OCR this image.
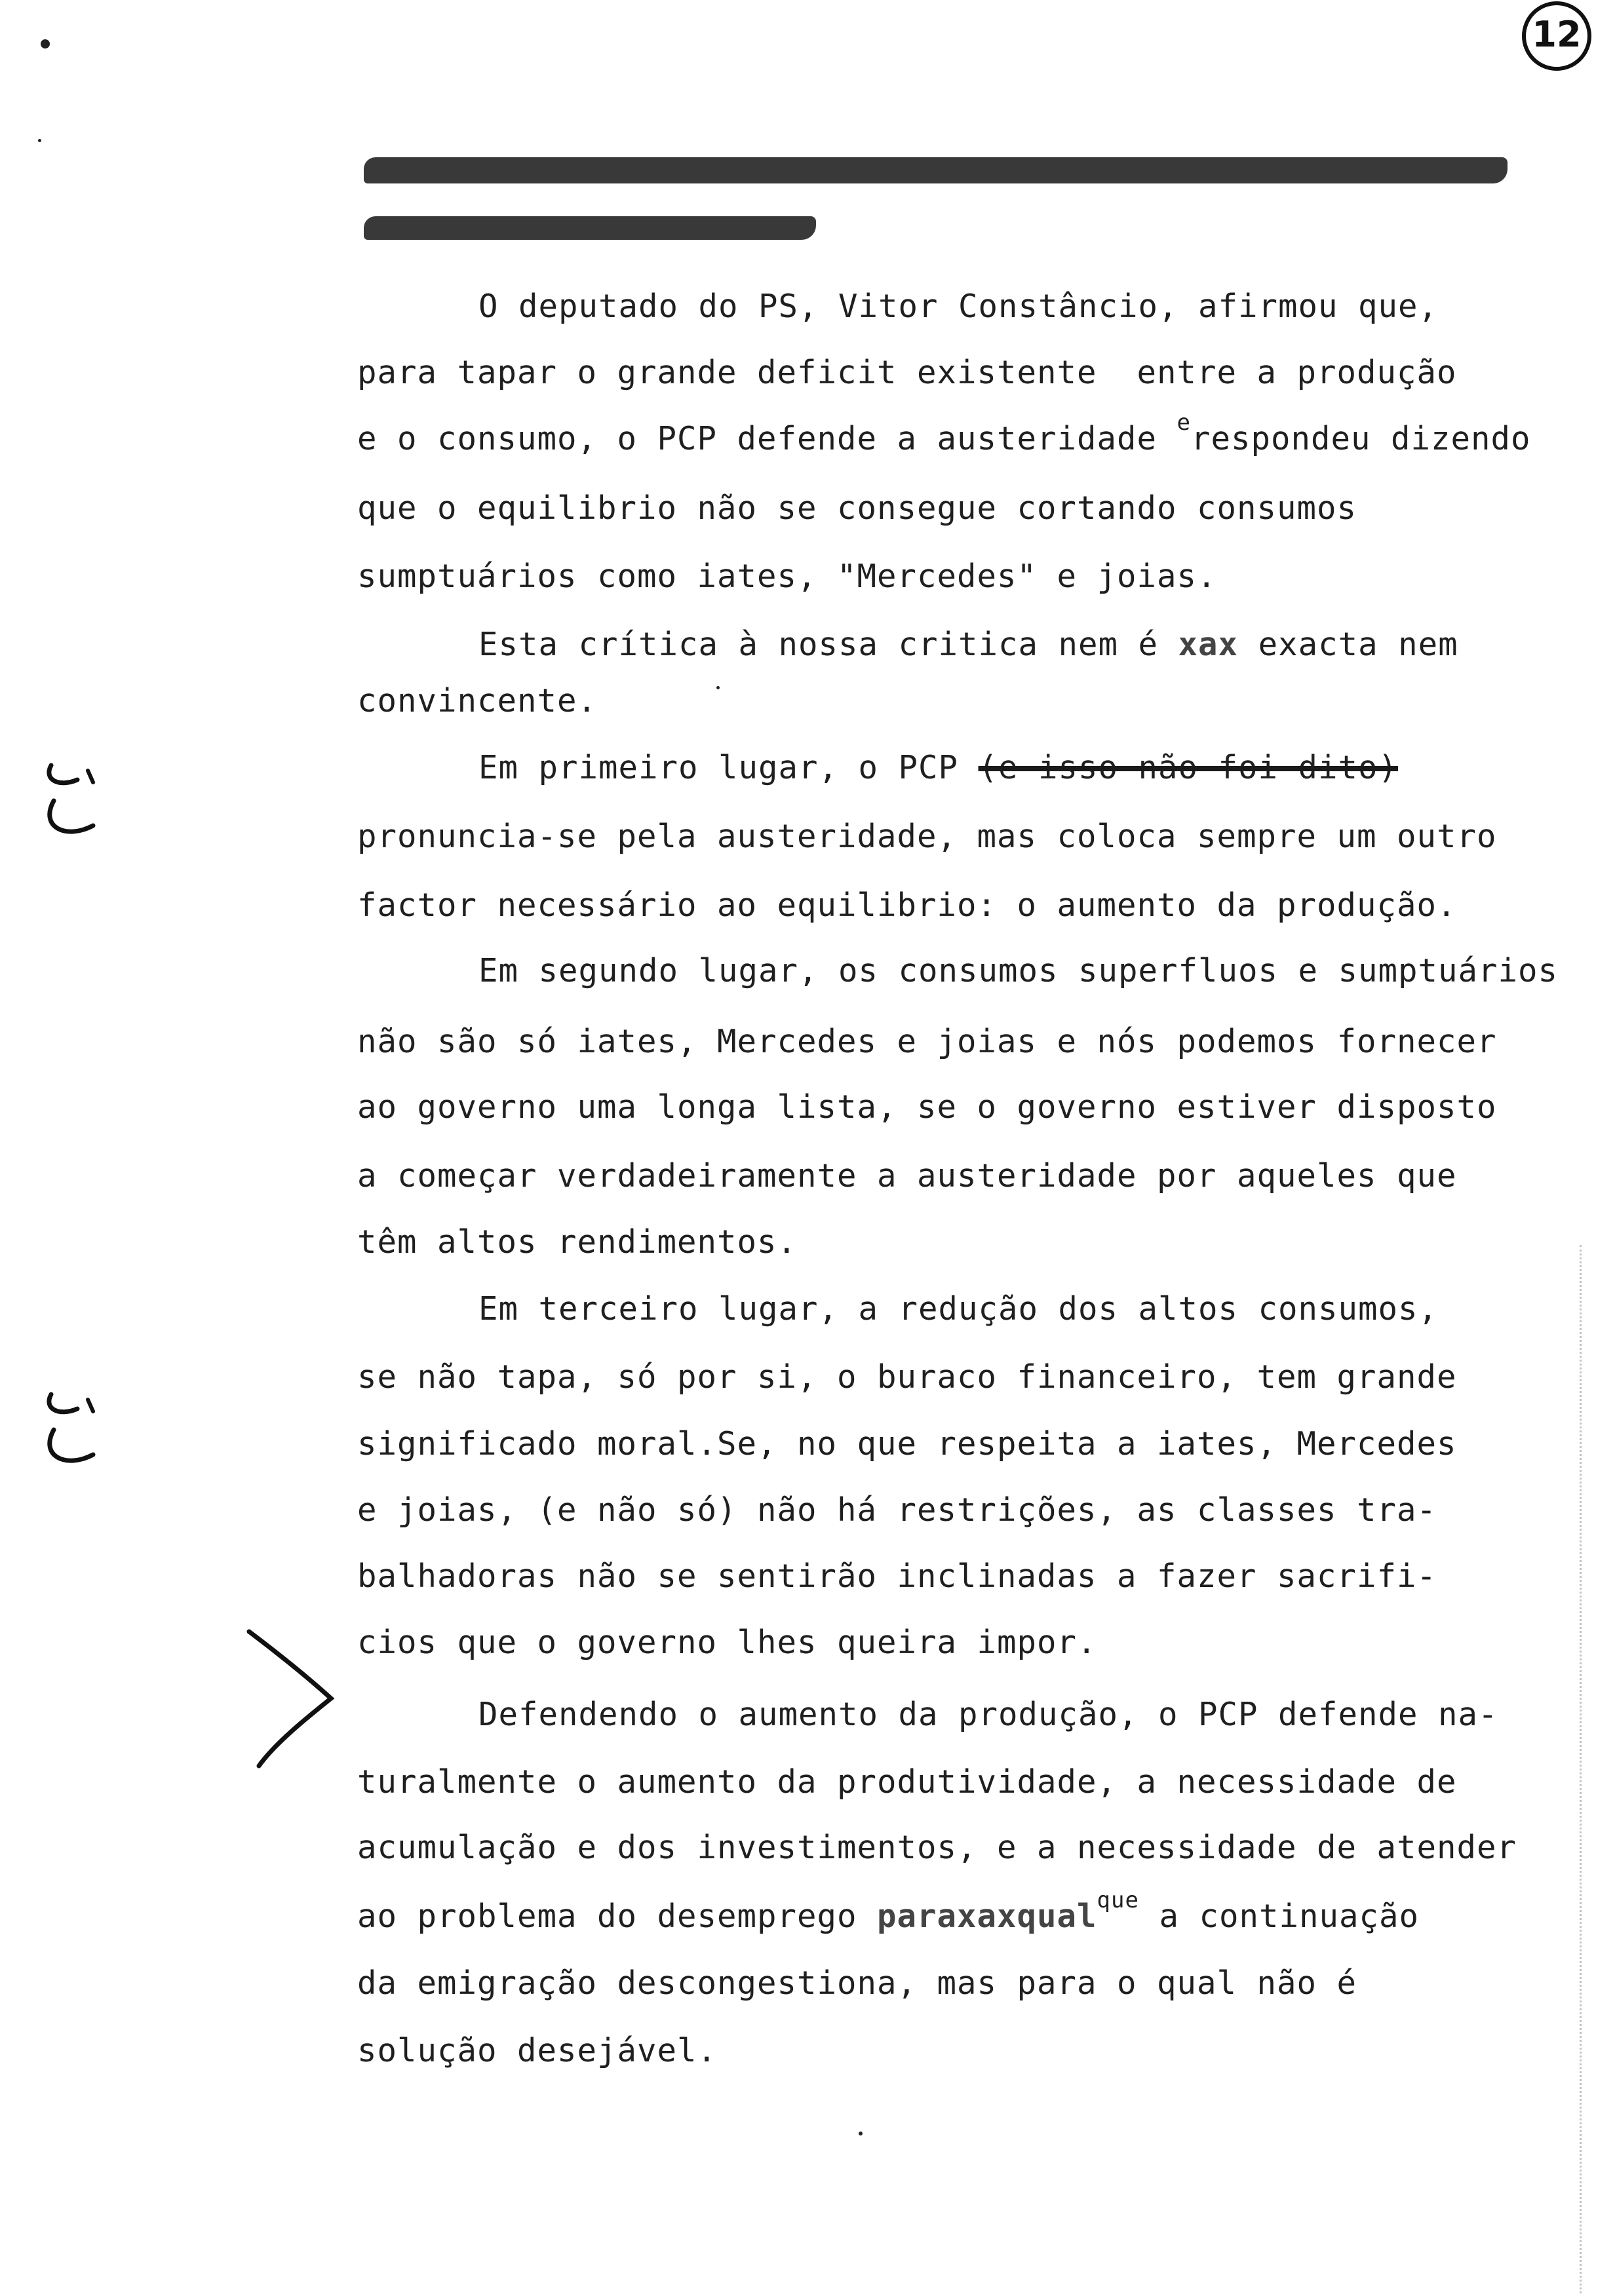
12
O deputado do PS, Vitor Constâncio, afirmou que,
para tapar o grande deficit existente  entre a produção
e o consumo, o PCP defende a austeridade $^e$respondeu dizendo
que o equilibrio não se consegue cortando consumos
sumptuários como iates, "Mercedes" e joias.
Esta crítica à nossa critica nem é xax exacta nem
convincente.
Em primeiro lugar, o PCP (e isso não foi dito)
pronuncia-se pela austeridade, mas coloca sempre um outro
factor necessário ao equilibrio: o aumento da produção.
Em segundo lugar, os consumos superfluos e sumptuários
não são só iates, Mercedes e joias e nós podemos fornecer
ao governo uma longa lista, se o governo estiver disposto
a começar verdadeiramente a austeridade por aqueles que
têm altos rendimentos.
Em terceiro lugar, a redução dos altos consumos,
se não tapa, só por si, o buraco financeiro, tem grande
significado moral.Se, no que respeita a iates, Mercedes
e joias, (e não só) não há restrições, as classes tra-
balhadoras não se sentirão inclinadas a fazer sacrifi-
cios que o governo lhes queira impor.
Defendendo o aumento da produção, o PCP defende na-
turalmente o aumento da produtividade, a necessidade de
acumulação e dos investimentos, e a necessidade de atender
ao problema do desemprego paraxaxqual$^{que}$ a continuação
da emigração descongestiona, mas para o qual não é
solução desejável.
